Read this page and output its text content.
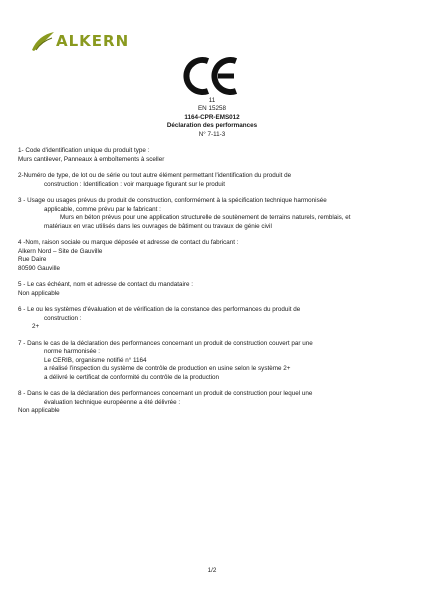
ALKERN
11
EN 15258
1164-CPR-EMS012
Déclaration des performances
N° 7-11-3

1- Code d'identification unique du produit type :

Murs cantilever, Panneaux à emboîtements à sceller

2-Numéro de type, de lot ou de série ou tout autre élément permettant l'identification du produit de

construction : Identification : voir marquage figurant sur le produit

3 - Usage ou usages prévus du produit de construction, conformément à la spécification technique harmonisée

applicable, comme prévu par le fabricant :

Murs en béton prévus pour une application structurelle de soutènement de terrains naturels, remblais, et

matériaux en vrac utilisés dans les ouvrages de bâtiment ou travaux de génie civil

4 -Nom, raison sociale ou marque déposée et adresse de contact du fabricant :

Alkern Nord – Site de Gauville

Rue Daire

80590 Gauville

5 - Le cas échéant, nom et adresse de contact du mandataire :

Non applicable

6 - Le ou les systèmes d'évaluation et de vérification de la constance des performances du produit de

construction :

2+

7 - Dans le cas de la déclaration des performances concernant un produit de construction couvert par une

norme harmonisée :

Le CERIB, organisme notifié n° 1164

a réalisé l'inspection du système de contrôle de production en usine selon le système 2+

a délivré le certificat de conformité du contrôle de la production

8 - Dans le cas de la déclaration des performances concernant un produit de construction pour lequel une

évaluation technique européenne a été délivrée :

Non applicable

1/2
